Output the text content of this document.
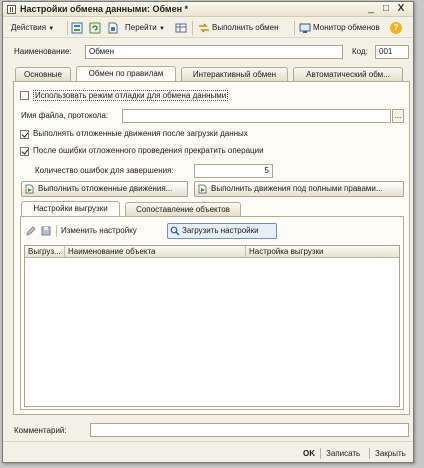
Настройки обмена данными: Обмен *	_ □ X
Действия ▼	Перейти ▼	Выполнить обмен	Монитор обменов	?
Наименование:	Обмен	Код:	001
Основные	Обмен по правилам	Интерактивный обмен	Автоматический обм...
Использовать режим отладки для обмена данными
Имя файла, протокола:	...
Выполнять отложенные движения после загрузки данных
После ошибки отложенного проведения прекратить операции
Количество ошибок для завершения:	5
Выполнить отложенные движения...	Выполнить движения под полными правами...
Настройки выгрузки	Сопоставление объектов
Изменить настройку	Загрузить настройки
Выгруз... Наименование объекта	Настройка выгрузки
Комментарий:
OK Записать Закрыть
